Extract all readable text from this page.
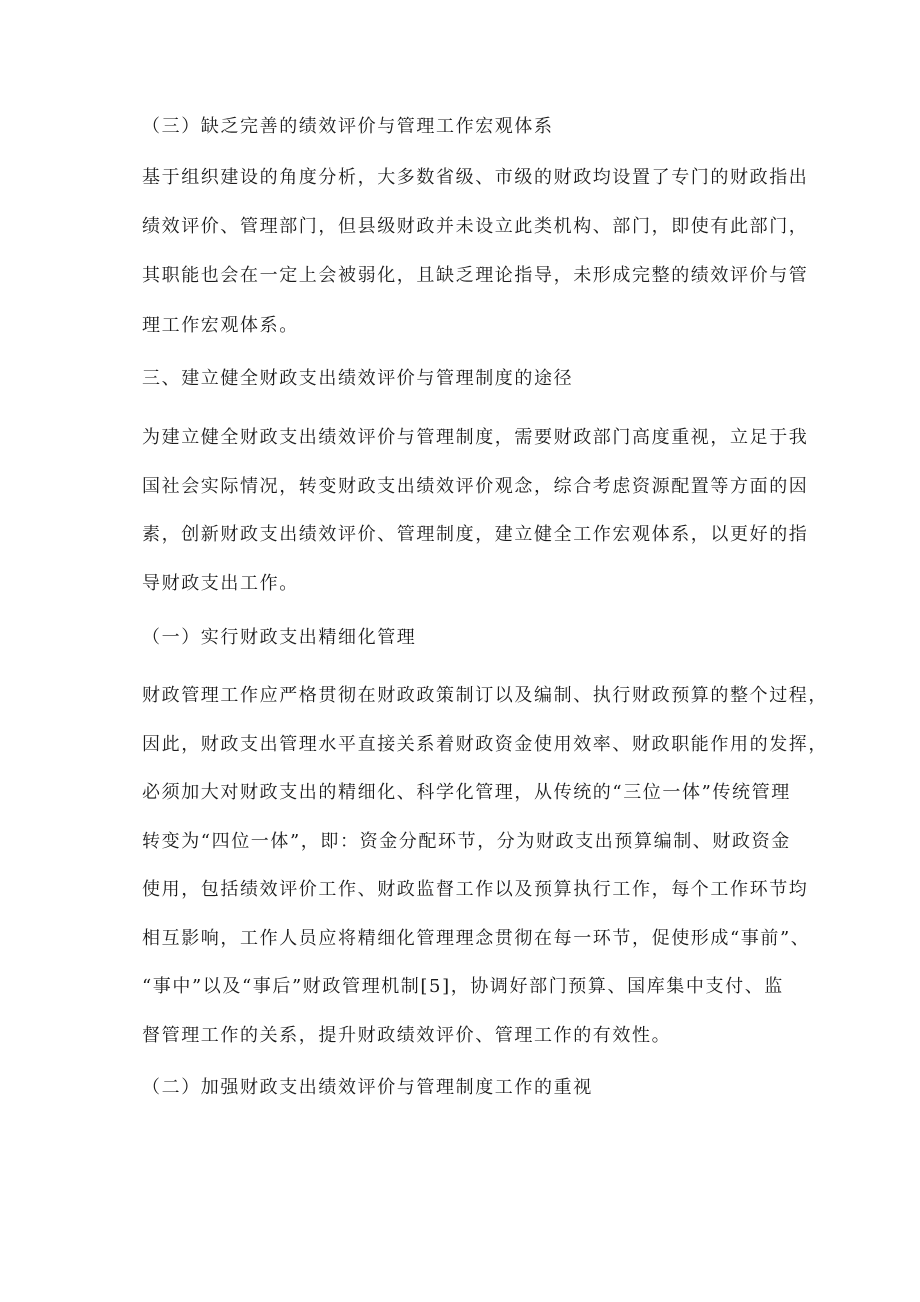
（三）缺乏完善的绩效评价与管理工作宏观体系
基于组织建设的角度分析，大多数省级、市级的财政均设置了专门的财政指出
绩效评价、管理部门，但县级财政并未设立此类机构、部门，即使有此部门，
其职能也会在一定上会被弱化，且缺乏理论指导，未形成完整的绩效评价与管
理工作宏观体系。
三、建立健全财政支出绩效评价与管理制度的途径
为建立健全财政支出绩效评价与管理制度，需要财政部门高度重视，立足于我
国社会实际情况，转变财政支出绩效评价观念，综合考虑资源配置等方面的因
素，创新财政支出绩效评价、管理制度，建立健全工作宏观体系，以更好的指
导财政支出工作。
（一）实行财政支出精细化管理
财政管理工作应严格贯彻在财政政策制订以及编制、执行财政预算的整个过程，
因此，财政支出管理水平直接关系着财政资金使用效率、财政职能作用的发挥，
必须加大对财政支出的精细化、科学化管理，从传统的“三位一体”传统管理
转变为“四位一体”，即：资金分配环节，分为财政支出预算编制、财政资金
使用，包括绩效评价工作、财政监督工作以及预算执行工作，每个工作环节均
相互影响，工作人员应将精细化管理理念贯彻在每一环节，促使形成“事前”、
“事中”以及“事后”财政管理机制[5]，协调好部门预算、国库集中支付、监
督管理工作的关系，提升财政绩效评价、管理工作的有效性。
（二）加强财政支出绩效评价与管理制度工作的重视
